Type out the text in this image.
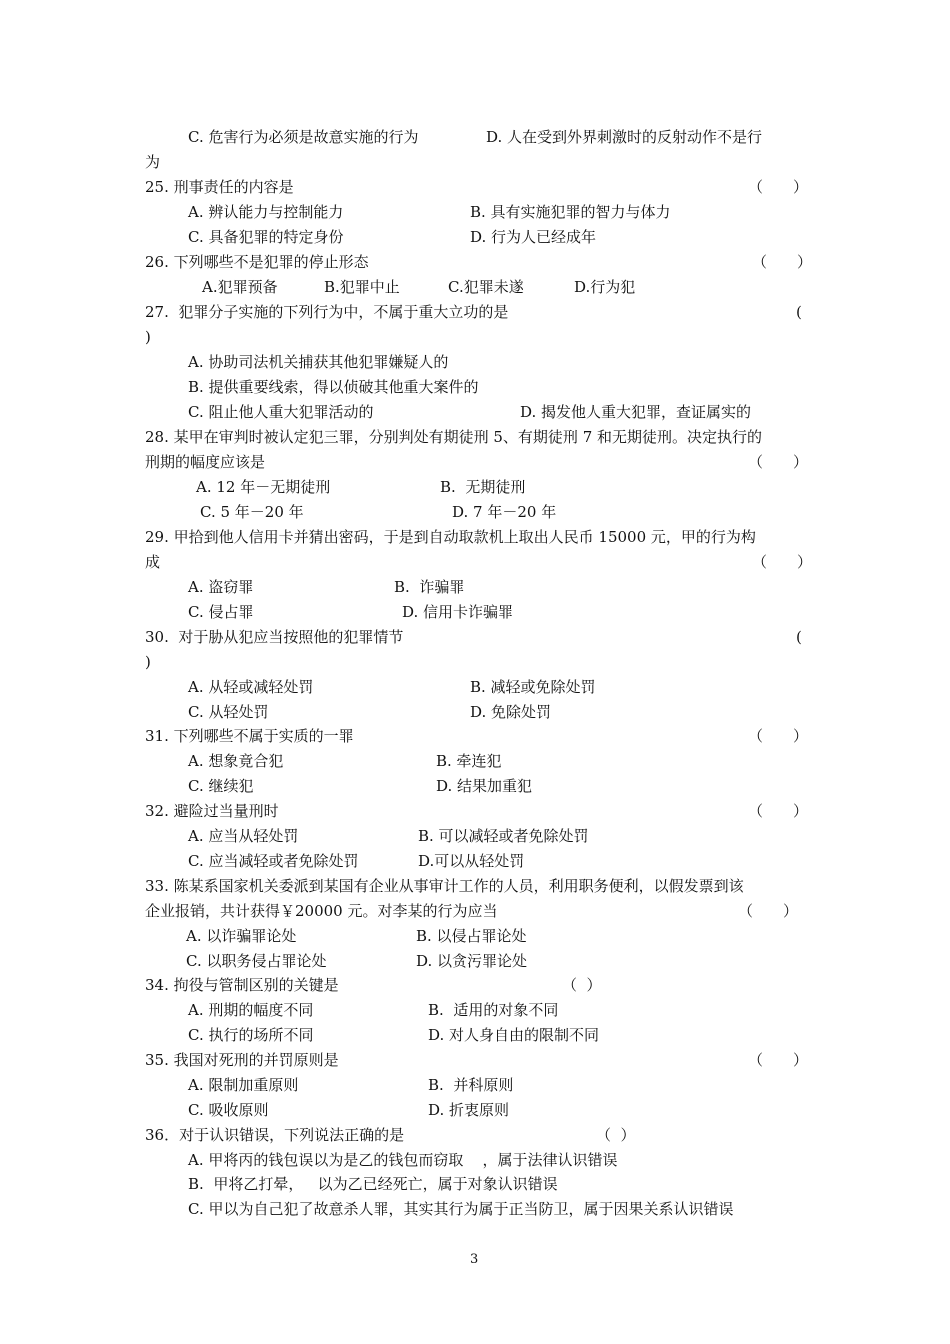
C. 危害行为必须是故意实施的行为	D. 人在受到外界刺激时的反射动作不是行
为
25. 刑事责任的内容是	（　　）
A. 辨认能力与控制能力	B. 具有实施犯罪的智力与体力
C. 具备犯罪的特定身份	D. 行为人已经成年
26. 下列哪些不是犯罪的停止形态	（　　）
A.犯罪预备	B.犯罪中止	C.犯罪未遂	D.行为犯
27.  犯罪分子实施的下列行为中，不属于重大立功的是	(
)
A. 协助司法机关捕获其他犯罪嫌疑人的
B. 提供重要线索，得以侦破其他重大案件的
C. 阻止他人重大犯罪活动的	D. 揭发他人重大犯罪，查证属实的
28. 某甲在审判时被认定犯三罪，分别判处有期徒刑 5、有期徒刑 7 和无期徒刑。决定执行的
刑期的幅度应该是	（　　）
A. 12 年－无期徒刑	B.  无期徒刑
C. 5 年－20 年	D. 7 年－20 年
29. 甲拾到他人信用卡并猜出密码，于是到自动取款机上取出人民币 15000 元，甲的行为构
成	（　　）
A. 盗窃罪	B.  诈骗罪
C. 侵占罪	D. 信用卡诈骗罪
30.  对于胁从犯应当按照他的犯罪情节	(
)
A. 从轻或减轻处罚	B. 减轻或免除处罚
C. 从轻处罚	D. 免除处罚
31. 下列哪些不属于实质的一罪	（　　）
A. 想象竟合犯	B. 牵连犯
C. 继续犯	D. 结果加重犯
32. 避险过当量刑时	（　　）
A. 应当从轻处罚	B. 可以减轻或者免除处罚
C. 应当减轻或者免除处罚	D.可以从轻处罚
33. 陈某系国家机关委派到某国有企业从事审计工作的人员，利用职务便利，以假发票到该
企业报销，共计获得￥20000 元。对李某的行为应当	（　　）
A. 以诈骗罪论处	B. 以侵占罪论处
C. 以职务侵占罪论处	D. 以贪污罪论处
34. 拘役与管制区别的关键是	（  ）
A. 刑期的幅度不同	B.  适用的对象不同
C. 执行的场所不同	D. 对人身自由的限制不同
35. 我国对死刑的并罚原则是	（　　）
A. 限制加重原则	B.  并科原则
C. 吸收原则	D. 折衷原则
36．对于认识错误，下列说法正确的是	（  ）
A. 甲将丙的钱包误以为是乙的钱包而窃取    ，属于法律认识错误
B.  甲将乙打晕，   以为乙已经死亡，属于对象认识错误
C. 甲以为自己犯了故意杀人罪，其实其行为属于正当防卫，属于因果关系认识错误
3
